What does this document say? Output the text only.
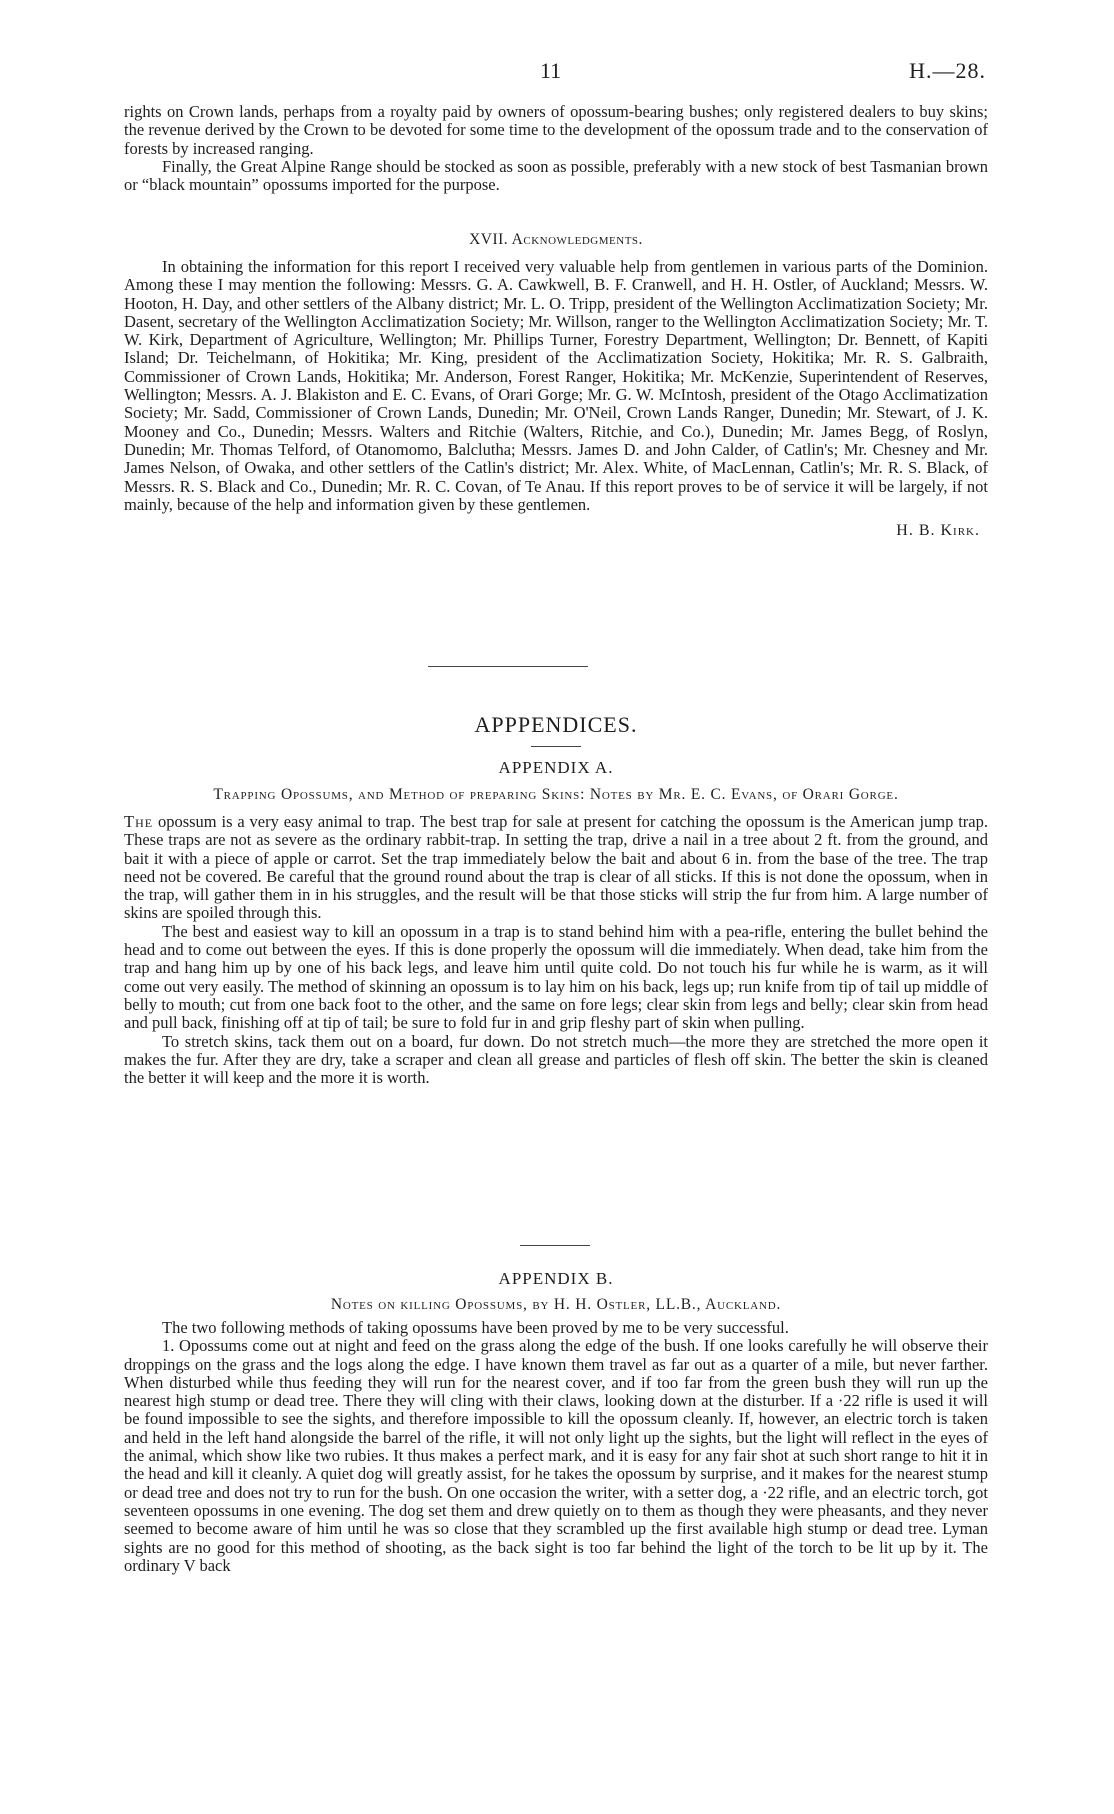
11	H.—28.

rights on Crown lands, perhaps from a royalty paid by owners of opossum-bearing bushes; only registered dealers to buy skins; the revenue derived by the Crown to be devoted for some time to the development of the opossum trade and to the conservation of forests by increased ranging.

Finally, the Great Alpine Range should be stocked as soon as possible, preferably with a new stock of best Tasmanian brown or “black mountain” opossums imported for the purpose.

XVII. Acknowledgments.

In obtaining the information for this report I received very valuable help from gentlemen in various parts of the Dominion. Among these I may mention the following: Messrs. G. A. Cawkwell, B. F. Cranwell, and H. H. Ostler, of Auckland; Messrs. W. Hooton, H. Day, and other settlers of the Albany district; Mr. L. O. Tripp, president of the Wellington Acclimatization Society; Mr. Dasent, secretary of the Wellington Acclimatization Society; Mr. Willson, ranger to the Wellington Acclimatization Society; Mr. T. W. Kirk, Department of Agriculture, Wellington; Mr. Phillips Turner, Forestry Department, Wellington; Dr. Bennett, of Kapiti Island; Dr. Teichelmann, of Hokitika; Mr. King, president of the Acclimatization Society, Hokitika; Mr. R. S. Galbraith, Commissioner of Crown Lands, Hokitika; Mr. Anderson, Forest Ranger, Hokitika; Mr. McKenzie, Superintendent of Reserves, Wellington; Messrs. A. J. Blakiston and E. C. Evans, of Orari Gorge; Mr. G. W. McIntosh, president of the Otago Acclimatization Society; Mr. Sadd, Commissioner of Crown Lands, Dunedin; Mr. O'Neil, Crown Lands Ranger, Dunedin; Mr. Stewart, of J. K. Mooney and Co., Dunedin; Messrs. Walters and Ritchie (Walters, Ritchie, and Co.), Dunedin; Mr. James Begg, of Roslyn, Dunedin; Mr. Thomas Telford, of Otanomomo, Balclutha; Messrs. James D. and John Calder, of Catlin's; Mr. Chesney and Mr. James Nelson, of Owaka, and other settlers of the Catlin's district; Mr. Alex. White, of MacLennan, Catlin's; Mr. R. S. Black, of Messrs. R. S. Black and Co., Dunedin; Mr. R. C. Covan, of Te Anau. If this report proves to be of service it will be largely, if not mainly, because of the help and information given by these gentlemen.

H. B. Kirk.

APPPENDICES.

APPENDIX A.

Trapping Opossums, and Method of preparing Skins: Notes by Mr. E. C. Evans, of Orari Gorge.

The opossum is a very easy animal to trap. The best trap for sale at present for catching the opossum is the American jump trap. These traps are not as severe as the ordinary rabbit-trap. In setting the trap, drive a nail in a tree about 2 ft. from the ground, and bait it with a piece of apple or carrot. Set the trap immediately below the bait and about 6 in. from the base of the tree. The trap need not be covered. Be careful that the ground round about the trap is clear of all sticks. If this is not done the opossum, when in the trap, will gather them in in his struggles, and the result will be that those sticks will strip the fur from him. A large number of skins are spoiled through this.

The best and easiest way to kill an opossum in a trap is to stand behind him with a pea-rifle, entering the bullet behind the head and to come out between the eyes. If this is done properly the opossum will die immediately. When dead, take him from the trap and hang him up by one of his back legs, and leave him until quite cold. Do not touch his fur while he is warm, as it will come out very easily. The method of skinning an opossum is to lay him on his back, legs up; run knife from tip of tail up middle of belly to mouth; cut from one back foot to the other, and the same on fore legs; clear skin from legs and belly; clear skin from head and pull back, finishing off at tip of tail; be sure to fold fur in and grip fleshy part of skin when pulling.

To stretch skins, tack them out on a board, fur down. Do not stretch much—the more they are stretched the more open it makes the fur. After they are dry, take a scraper and clean all grease and particles of flesh off skin. The better the skin is cleaned the better it will keep and the more it is worth.

APPENDIX B.

Notes on killing Opossums, by H. H. Ostler, LL.B., Auckland.

The two following methods of taking opossums have been proved by me to be very successful.

1. Opossums come out at night and feed on the grass along the edge of the bush. If one looks carefully he will observe their droppings on the grass and the logs along the edge. I have known them travel as far out as a quarter of a mile, but never farther. When disturbed while thus feeding they will run for the nearest cover, and if too far from the green bush they will run up the nearest high stump or dead tree. There they will cling with their claws, looking down at the disturber. If a ·22 rifle is used it will be found impossible to see the sights, and therefore impossible to kill the opossum cleanly. If, however, an electric torch is taken and held in the left hand alongside the barrel of the rifle, it will not only light up the sights, but the light will reflect in the eyes of the animal, which show like two rubies. It thus makes a perfect mark, and it is easy for any fair shot at such short range to hit it in the head and kill it cleanly. A quiet dog will greatly assist, for he takes the opossum by surprise, and it makes for the nearest stump or dead tree and does not try to run for the bush. On one occasion the writer, with a setter dog, a ·22 rifle, and an electric torch, got seventeen opossums in one evening. The dog set them and drew quietly on to them as though they were pheasants, and they never seemed to become aware of him until he was so close that they scrambled up the first available high stump or dead tree. Lyman sights are no good for this method of shooting, as the back sight is too far behind the light of the torch to be lit up by it. The ordinary V back
